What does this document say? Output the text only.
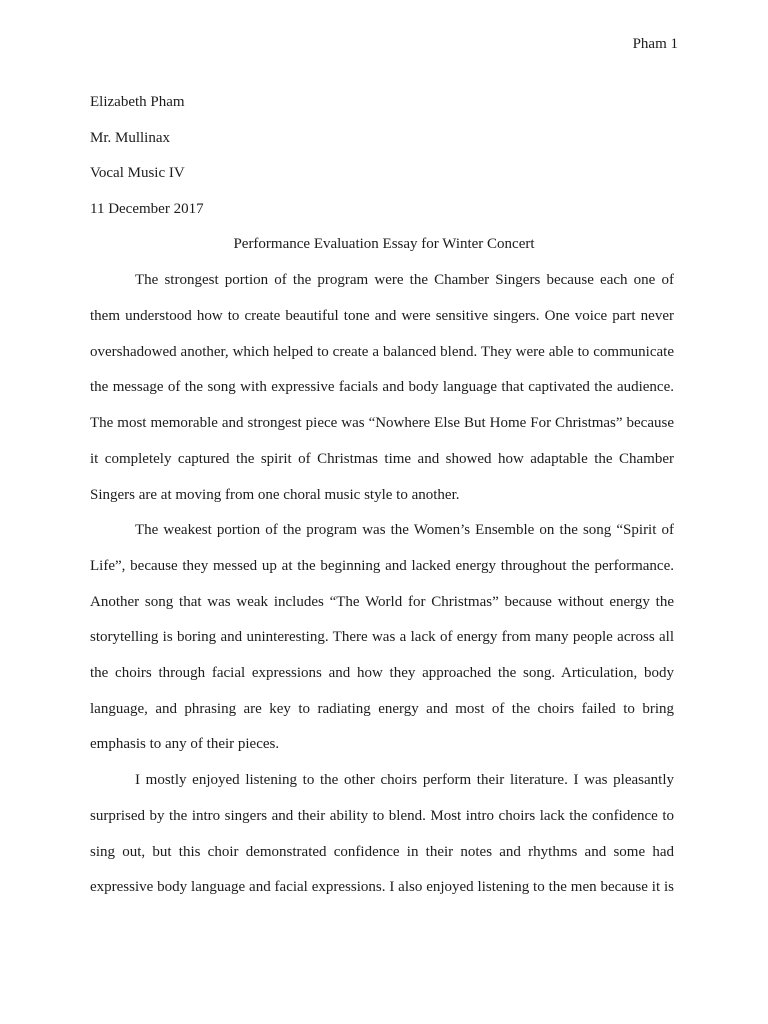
Pham 1
Elizabeth Pham
Mr. Mullinax
Vocal Music IV
11 December 2017
Performance Evaluation Essay for Winter Concert
The strongest portion of the program were the Chamber Singers because each one of
them understood how to create beautiful tone and were sensitive singers. One voice part never
overshadowed another, which helped to create a balanced blend. They were able to communicate
the message of the song with expressive facials and body language that captivated the audience.
The most memorable and strongest piece was “Nowhere Else But Home For Christmas” because
it completely captured the spirit of Christmas time and showed how adaptable the Chamber
Singers are at moving from one choral music style to another.
The weakest portion of the program was the Women’s Ensemble on the song “Spirit of
Life”, because they messed up at the beginning and lacked energy throughout the performance.
Another song that was weak includes “The World for Christmas” because without energy the
storytelling is boring and uninteresting. There was a lack of energy from many people across all
the choirs through facial expressions and how they approached the song. Articulation, body
language, and phrasing are key to radiating energy and most of the choirs failed to bring
emphasis to any of their pieces.
I mostly enjoyed listening to the other choirs perform their literature. I was pleasantly
surprised by the intro singers and their ability to blend. Most intro choirs lack the confidence to
sing out, but this choir demonstrated confidence in their notes and rhythms and some had
expressive body language and facial expressions. I also enjoyed listening to the men because it is
